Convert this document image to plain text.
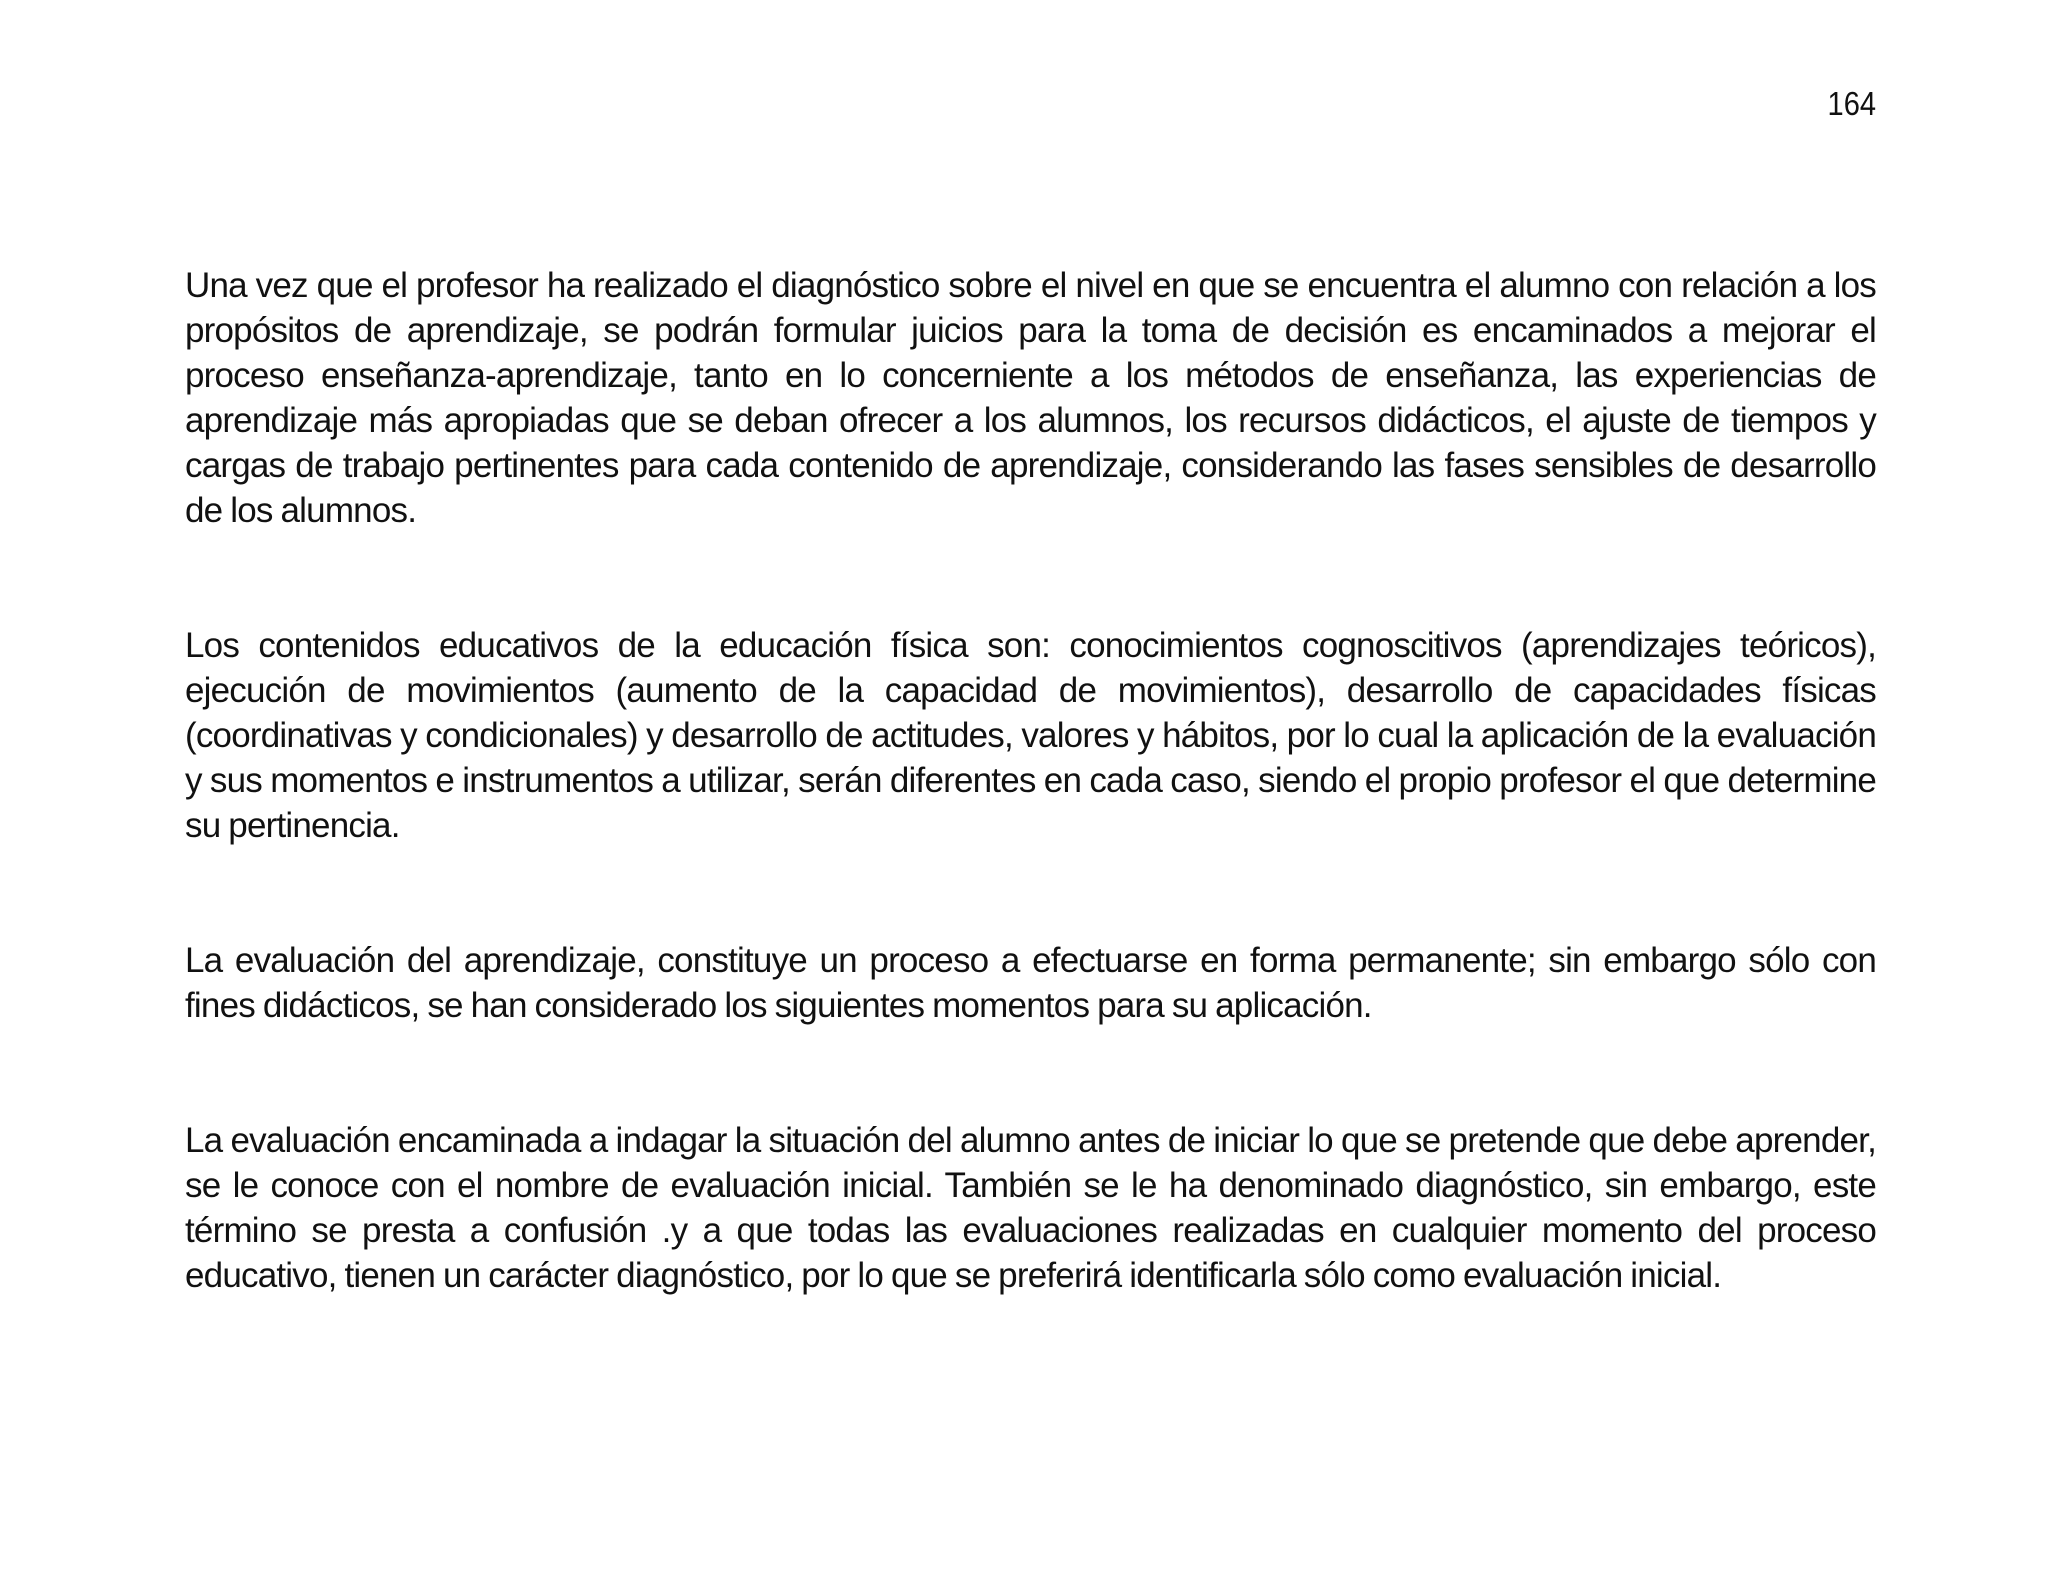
164

Una vez que el profesor ha realizado el diagnóstico sobre el nivel en que se encuentra el alumno con relación a los propósitos de aprendizaje, se podrán formular juicios para la toma de decisión es encaminados a mejorar el proceso enseñanza-aprendizaje, tanto en lo concerniente a los métodos de enseñanza, las experiencias de aprendizaje más apropiadas que se deban ofrecer a los alumnos, los recursos didácticos, el ajuste de tiempos y cargas de trabajo pertinentes para cada contenido de aprendizaje, considerando las fases sensibles de desarrollo de los alumnos.

Los contenidos educativos de la educación física son: conocimientos cognoscitivos (aprendizajes teóricos), ejecución de movimientos (aumento de la capacidad de movimientos), desarrollo de capacidades físicas (coordinativas y condicionales) y desarrollo de actitudes, valores y hábitos, por lo cual la aplicación de la evaluación y sus momentos e instrumentos a utilizar, serán diferentes en cada caso, siendo el propio profesor el que determine su pertinencia.

La evaluación del aprendizaje, constituye un proceso a efectuarse en forma permanente; sin embargo sólo con fines didácticos, se han considerado los siguientes momentos para su aplicación.

La evaluación encaminada a indagar la situación del alumno antes de iniciar lo que se pretende que debe aprender, se le conoce con el nombre de evaluación inicial. También se le ha denominado diagnóstico, sin embargo, este término se presta a confusión .y a que todas las evaluaciones realizadas en cualquier momento del proceso educativo, tienen un carácter diagnóstico, por lo que se preferirá identificarla sólo como evaluación inicial.
